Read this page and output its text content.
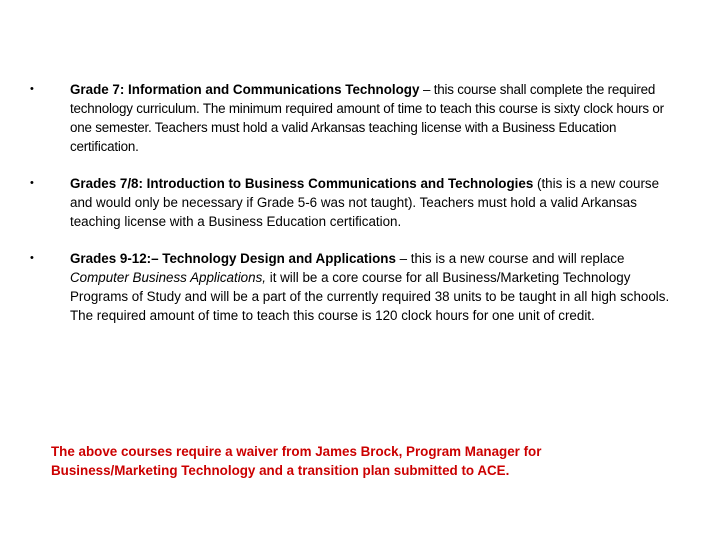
•	Grade 7: Information and Communications Technology – this course shall complete the required technology curriculum. The minimum required amount of time to teach this course is sixty clock hours or one semester. Teachers must hold a valid Arkansas teaching license with a Business Education certification.
•	Grades 7/8: Introduction to Business Communications and Technologies (this is a new course and would only be necessary if Grade 5-6 was not taught). Teachers must hold a valid Arkansas teaching license with a Business Education certification.
•	Grades 9-12:– Technology Design and Applications – this is a new course and will replace Computer Business Applications, it will be a core course for all Business/Marketing Technology Programs of Study and will be a part of the currently required 38 units to be taught in all high schools. The required amount of time to teach this course is 120 clock hours for one unit of credit.

The above courses require a waiver from James Brock, Program Manager for Business/Marketing Technology and a transition plan submitted to ACE.
